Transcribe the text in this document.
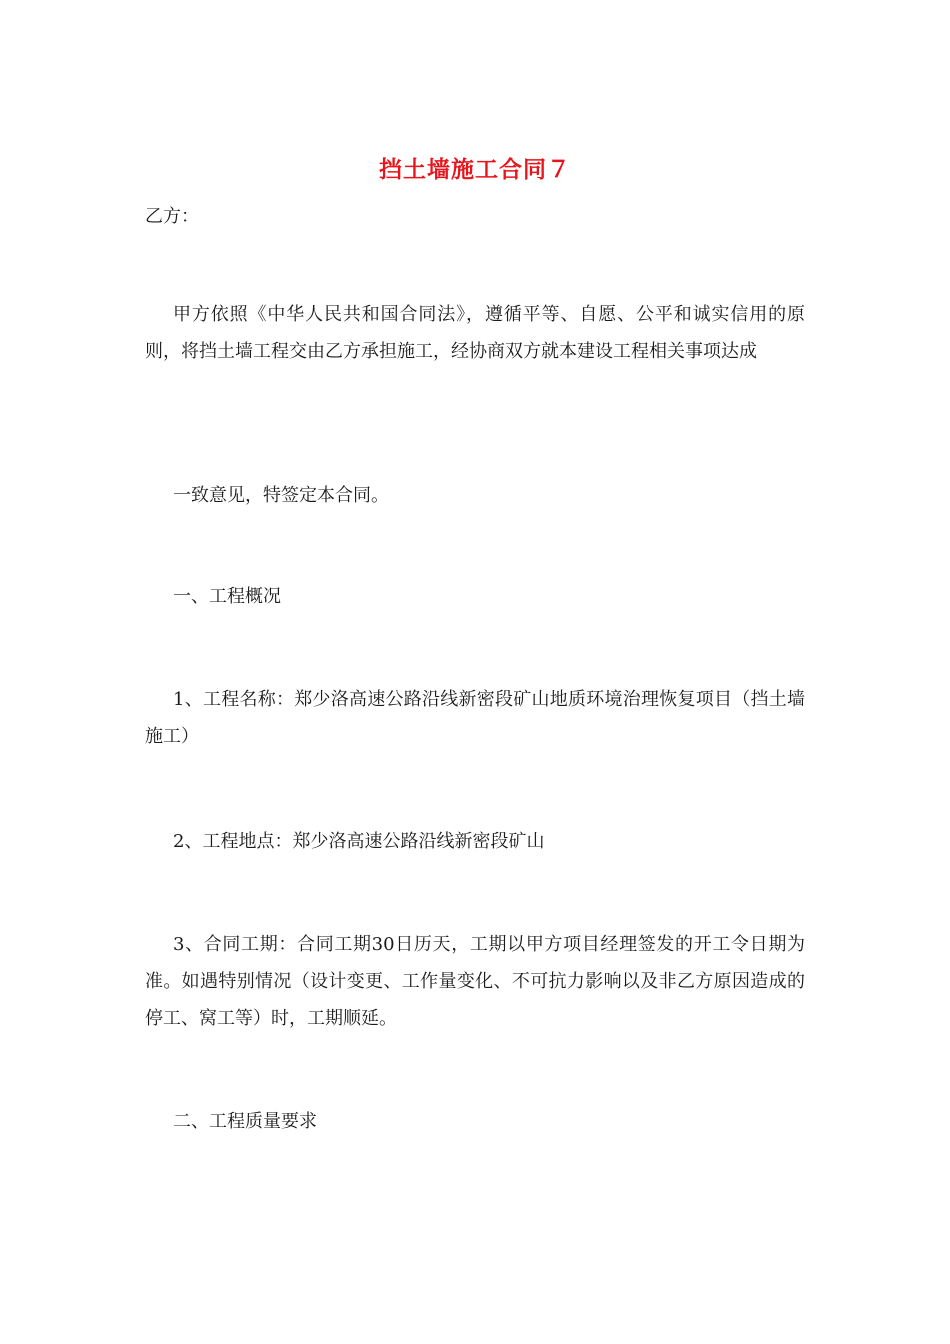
挡土墙施工合同７
乙方：
甲方依照《中华人民共和国合同法》，遵循平等、自愿、公平和诚实信用的原则，将挡土墙工程交由乙方承担施工，经协商双方就本建设工程相关事项达成
一致意见，特签定本合同。
一、工程概况
1、工程名称：郑少洛高速公路沿线新密段矿山地质环境治理恢复项目（挡土墙施工）
2、工程地点：郑少洛高速公路沿线新密段矿山
3、合同工期：合同工期30日历天，工期以甲方项目经理签发的开工令日期为准。如遇特别情况（设计变更、工作量变化、不可抗力影响以及非乙方原因造成的停工、窝工等）时，工期顺延。
二、工程质量要求
